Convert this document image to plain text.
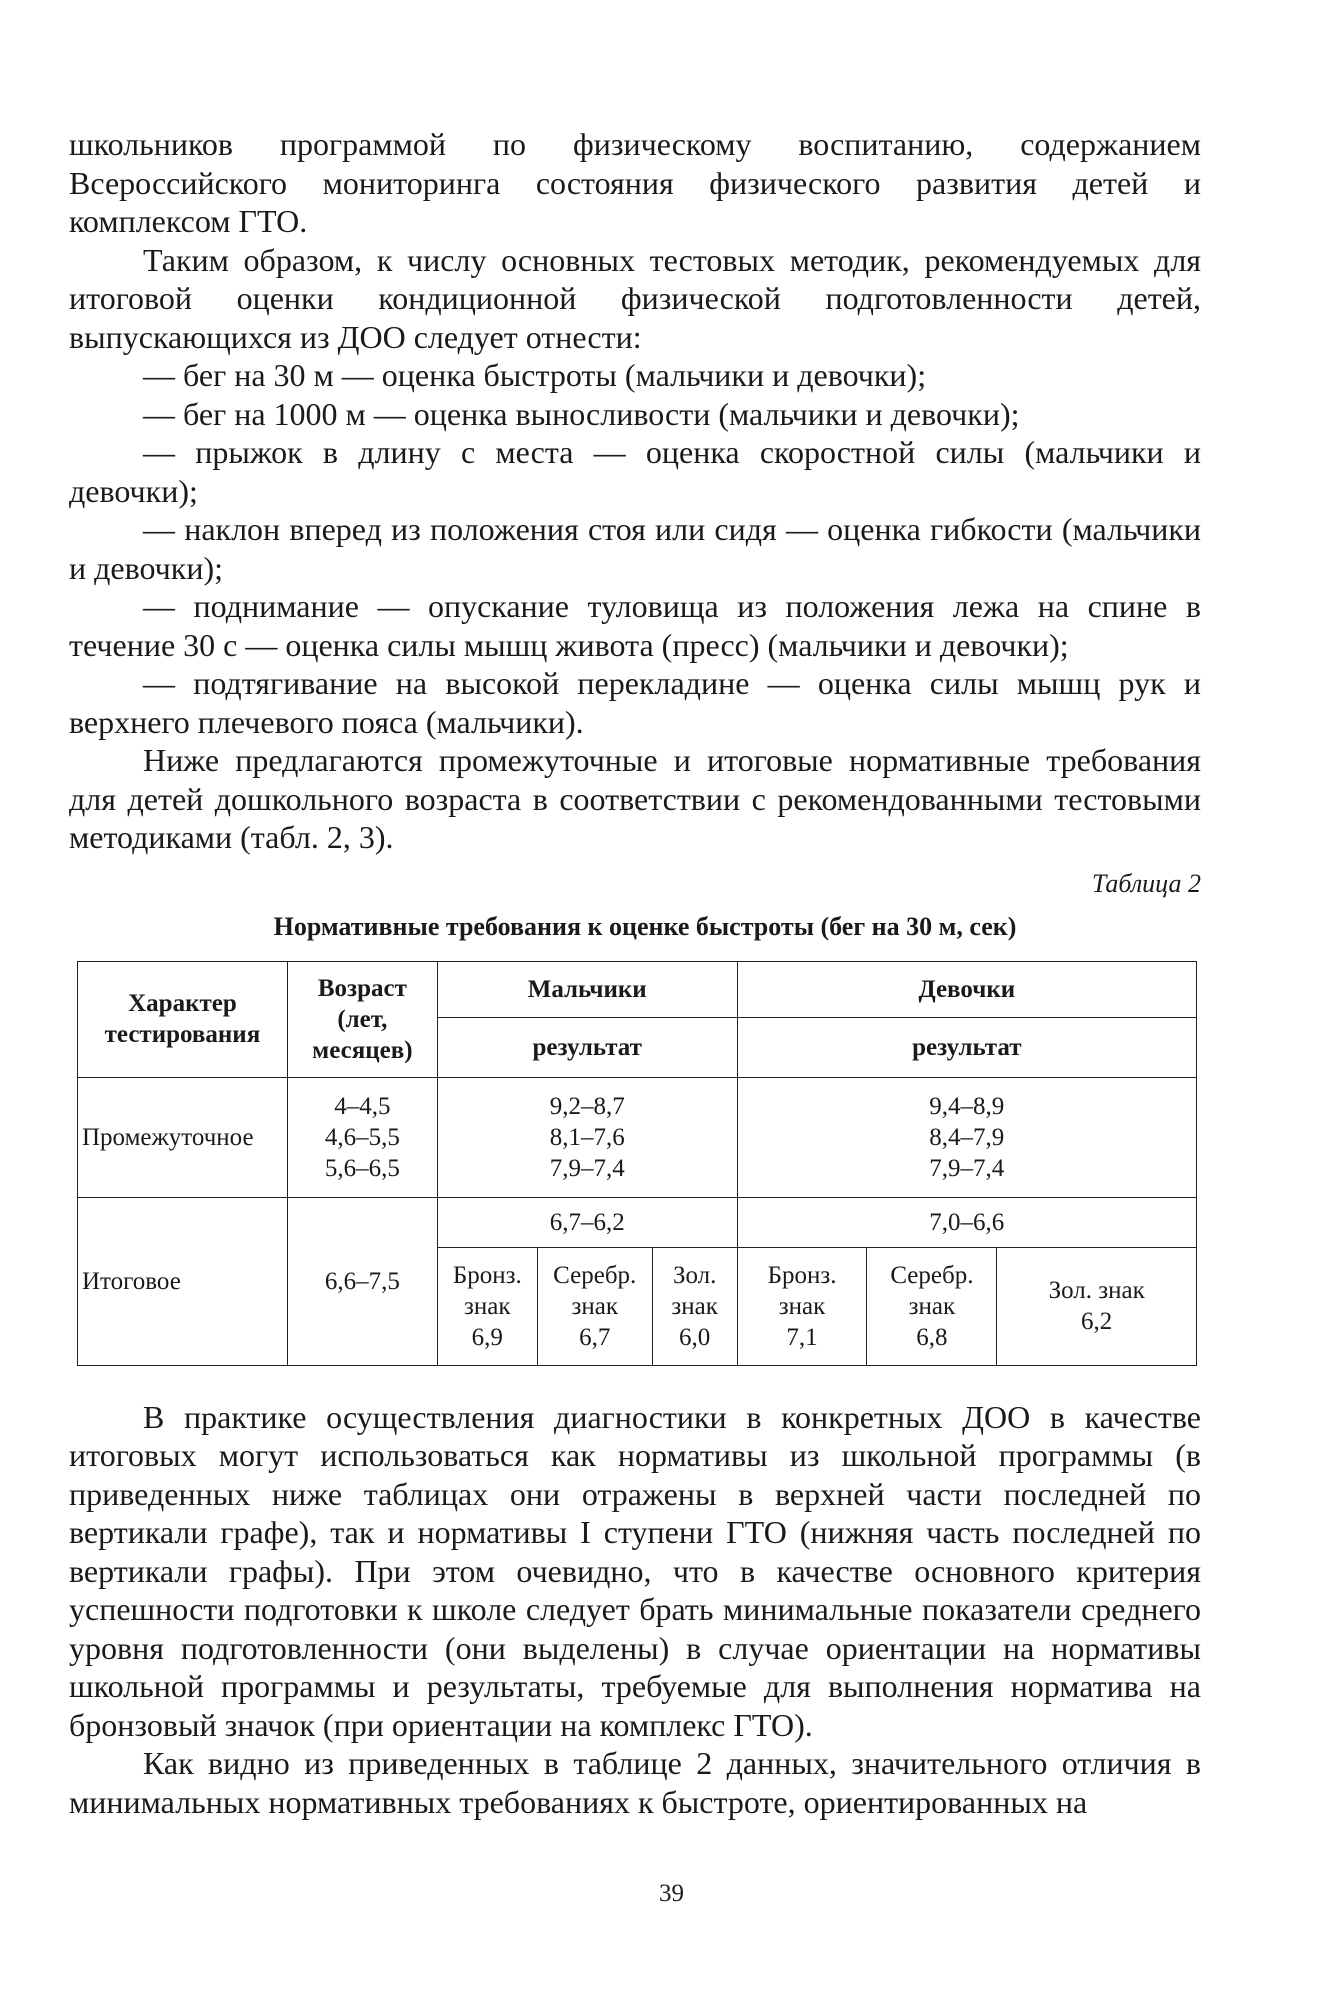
школьников программой по физическому воспитанию, содержанием Всероссийского мониторинга состояния физического развития детей и комплексом ГТО.

Таким образом, к числу основных тестовых методик, рекомендуемых для итоговой оценки кондиционной физической подготовленности детей, выпускающихся из ДОО следует отнести:

— бег на 30 м — оценка быстроты (мальчики и девочки);

— бег на 1000 м — оценка выносливости (мальчики и девочки);

— прыжок в длину с места — оценка скоростной силы (мальчики и девочки);

— наклон вперед из положения стоя или сидя — оценка гибкости (мальчики и девочки);

— поднимание — опускание туловища из положения лежа на спине в течение 30 с — оценка силы мышц живота (пресс) (мальчики и девочки);

— подтягивание на высокой перекладине — оценка силы мышц рук и верхнего плечевого пояса (мальчики).

Ниже предлагаются промежуточные и итоговые нормативные требования для детей дошкольного возраста в соответствии с рекомендованными тестовыми методиками (табл. 2, 3).

Таблица 2
Нормативные требования к оценке быстроты (бег на 30 м, сек)
Характер тестирования	Возраст (лет, месяцев)	Мальчики			Девочки		
		результат			результат		
Промежуточное	4–4,5
4,6–5,5
5,6–6,5	9,2–8,7
8,1–7,6
7,9–7,4			9,4–8,9
8,4–7,9
7,9–7,4		

Итоговое	6,6–7,5	6,7–6,2			7,0–6,6		

		Бронз.
знак
6,9	Серебр.
знак
6,7	Зол.
знак
6,0	Бронз.
знак
7,1	Серебр.
знак
6,8	Зол. знак
6,2

В практике осуществления диагностики в конкретных ДОО в качестве итоговых могут использоваться как нормативы из школьной программы (в приведенных ниже таблицах они отражены в верхней части последней по вертикали графе), так и нормативы I ступени ГТО (нижняя часть последней по вертикали графы). При этом очевидно, что в качестве основного критерия успешности подготовки к школе следует брать минимальные показатели среднего уровня подготовленности (они выделены) в случае ориентации на нормативы школьной программы и результаты, требуемые для выполнения норматива на бронзовый значок (при ориентации на комплекс ГТО).

Как видно из приведенных в таблице 2 данных, значительного отличия в минимальных нормативных требованиях к быстроте, ориентированных на

39
